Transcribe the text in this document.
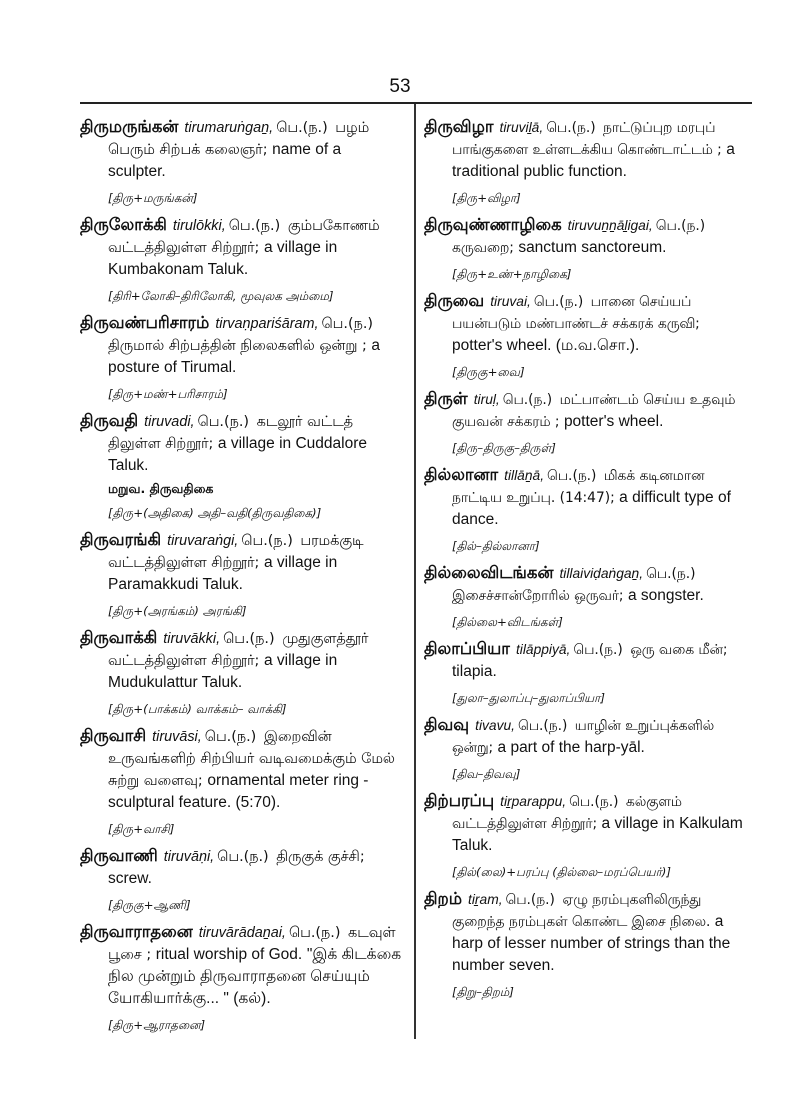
53
திருமருங்கன் tirumaruṅgaṉ, பெ.(ந.) பழம் பெரும் சிற்பக் கலைஞர்; name of a sculpter.
[திரு+மருங்கன்]
திருலோக்கி tirulōkki, பெ.(ந.) கும்பகோணம் வட்டத்திலுள்ள சிற்றூர்; a village in Kumbakonam Taluk.
[திரி+லோகி–திரிலோகி, மூவுலக அம்மை]
திருவண்பரிசாரம் tirvaṇpariśāram, பெ.(ந.) திருமால் சிற்பத்தின் நிலைகளில் ஒன்று ; a posture of Tirumal.
[திரு+மண்+பரிசாரம்]
திருவதி tiruvadi, பெ.(ந.) கடலூர் வட்டத் திலுள்ள சிற்றூர்; a village in Cuddalore Taluk.
மறுவ. திருவதிகை
[திரு+(அதிகை) அதி–வதி(திருவதிகை)]
திருவரங்கி tiruvaraṅgi, பெ.(ந.) பரமக்குடி வட்டத்திலுள்ள சிற்றூர்; a village in Paramakkudi Taluk.
[திரு+(அரங்கம்) அரங்கி]
திருவாக்கி tiruvākki, பெ.(ந.) முதுகுளத்தூர் வட்டத்திலுள்ள சிற்றூர்; a village in Mudukulattur Taluk.
[திரு+(பாக்கம்) வாக்கம்– வாக்கி]
திருவாசி tiruvāsi, பெ.(ந.) இறைவின் உருவங்களிற் சிற்பியர் வடிவமைக்கும் மேல் சுற்று வளைவு; ornamental meter ring - sculptural feature. (5:70).
[திரு+வாசி]
திருவாணி tiruvāṇi, பெ.(ந.) திருகுக் குச்சி; screw.
[திருகு+ஆணி]
திருவாராதனை tiruvārādaṉai, பெ.(ந.) கடவுள் பூசை ; ritual worship of God. "இக் கிடக்கை நில முன்றும் திருவாராதனை செய்யும் யோகியார்க்கு... " (கல்).
[திரு+ஆராதனை]
திருவிழா tiruviḻā, பெ.(ந.) நாட்டுப்புற மரபுப் பாங்குகளை உள்ளடக்கிய கொண்டாட்டம் ; a traditional public function.
[திரு+விழா]
திருவுண்ணாழிகை tiruvuṉṉāḻigai, பெ.(ந.) கருவறை; sanctum sanctoreum.
[திரு+உண்+நாழிகை]
திருவை tiruvai, பெ.(ந.) பானை செய்யப் பயன்படும் மண்பாண்டச் சக்கரக் கருவி; potter's wheel. (ம.வ.சொ.).
[திருகு+வை]
திருள் tiruḷ, பெ.(ந.) மட்பாண்டம் செய்ய உதவும் குயவன் சக்கரம் ; potter's wheel.
[திரு–திருகு–திருள்]
தில்லானா tillāṉā, பெ.(ந.) மிகக் கடினமான நாட்டிய உறுப்பு. (14:47); a difficult type of dance.
[தில்–தில்லானா]
தில்லைவிடங்கன் tillaiviḍaṅgaṉ, பெ.(ந.) இசைச்சான்றோரில் ஒருவர்; a songster.
[தில்லை+விடங்கள்]
திலாப்பியா tilāppiyā, பெ.(ந.) ஒரு வகை மீன்; tilapia.
[துலா–துலாப்பு–துலாப்பியா]
திவவு tivavu, பெ.(ந.) யாழின் உறுப்புக்களில் ஒன்று; a part of the harp-yāl.
[திவ–திவவு]
திற்பரப்பு tiṟparappu, பெ.(ந.) கல்குளம் வட்டத்திலுள்ள சிற்றூர்; a village in Kalkulam Taluk.
[தில்(லை)+பரப்பு (தில்லை–மரப்பெயர்)]
திறம் tiṟam, பெ.(ந.) ஏழு நரம்புகளிலிருந்து குறைந்த நரம்புகள் கொண்ட இசை நிலை. a harp of lesser number of strings than the number seven.
[திறு–திறம்]
